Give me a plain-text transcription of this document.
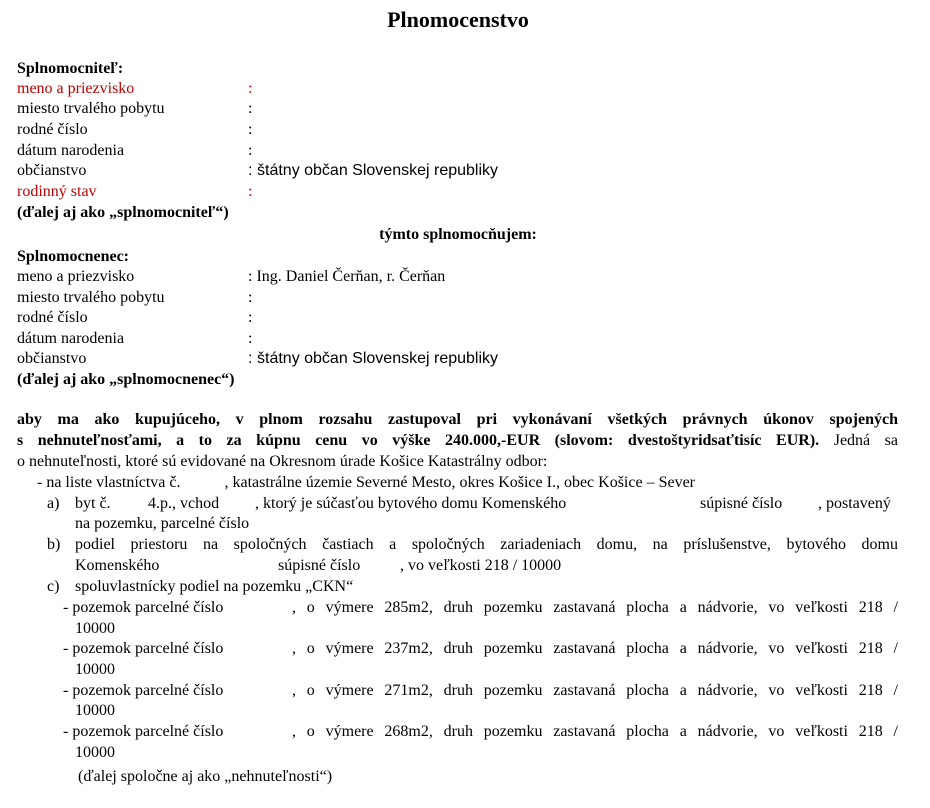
Plnomocenstvo
Splnomocniteľ:
meno a priezvisko	:
miesto trvalého pobytu	:
rodné číslo	:
dátum narodenia	:
občianstvo	: štátny občan Slovenskej republiky
rodinný stav	:
(ďalej aj ako „splnomocniteľ“)
týmto splnomocňujem:
Splnomocnenec:
meno a priezvisko	: Ing. Daniel Čerňan, r. Čerňan
miesto trvalého pobytu	:
rodné číslo	:
dátum narodenia	:
občianstvo	: štátny občan Slovenskej republiky
(ďalej aj ako „splnomocnenec“)
aby ma ako kupujúceho, v plnom rozsahu zastupoval pri vykonávaní všetkých právnych úkonov spojených
s nehnuteľnosťami, a to za kúpnu cenu vo výške 240.000,-EUR (slovom: dvestoštyridsaťtisíc EUR). Jedná sa
o nehnuteľnosti, ktoré sú evidované na Okresnom úrade Košice Katastrálny odbor:
- na liste vlastníctva č.           , katastrálne územie Severné Mesto, okres Košice I., obec Košice – Sever
a) byt č. 4.p., vchod , ktorý je súčasťou bytového domu Komenského	súpisné číslo , postavený
na pozemku, parcelné číslo
b) podiel priestoru na spoločných častiach a spoločných zariadeniach domu, na príslušenstve, bytového domu
Komenského	súpisné číslo , vo veľkosti 218 / 10000
c) spoluvlastnícky podiel na pozemku „CKN“
- pozemok parcelné číslo	, o výmere 285m2, druh pozemku zastavaná plocha a nádvorie, vo veľkosti 218 /
10000
- pozemok parcelné číslo	, o výmere 237m2, druh pozemku zastavaná plocha a nádvorie, vo veľkosti 218 /
10000
- pozemok parcelné číslo	, o výmere 271m2, druh pozemku zastavaná plocha a nádvorie, vo veľkosti 218 /
10000
- pozemok parcelné číslo	, o výmere 268m2, druh pozemku zastavaná plocha a nádvorie, vo veľkosti 218 /
10000
(ďalej spoločne aj ako „nehnuteľnosti“)
